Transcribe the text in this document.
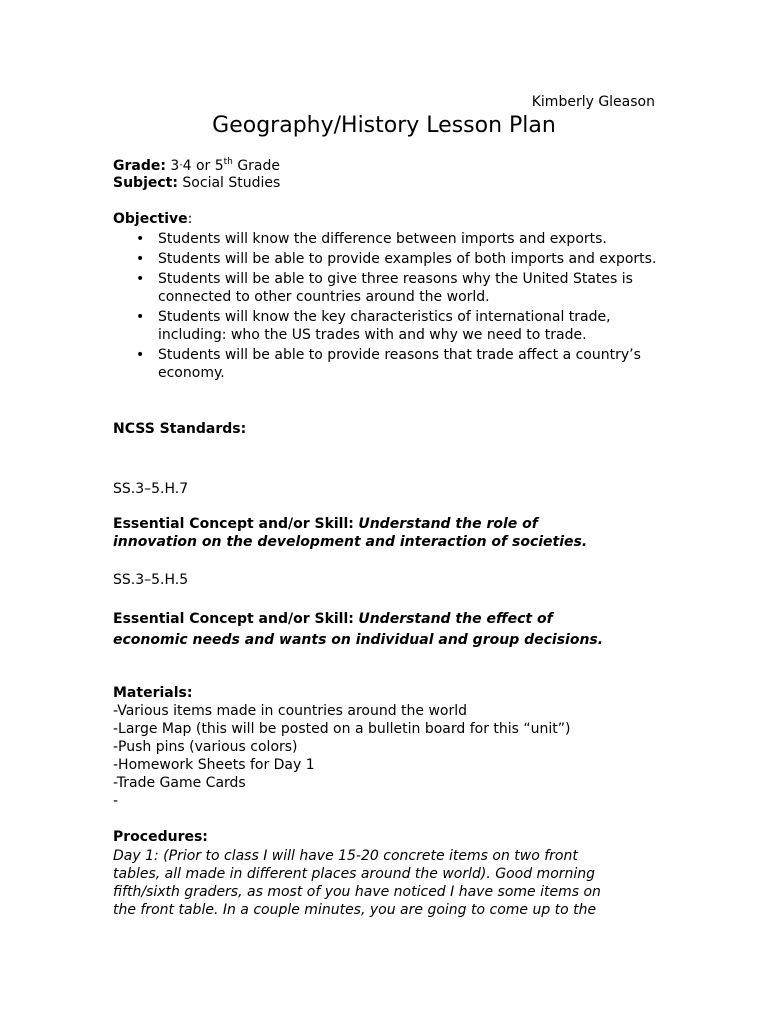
Kimberly Gleason
Geography/History Lesson Plan
Grade: 3-4 or 5th Grade
Subject: Social Studies
Objective:
• Students will know the difference between imports and exports.
• Students will be able to provide examples of both imports and exports.
• Students will be able to give three reasons why the United States is connected to other countries around the world.
• Students will know the key characteristics of international trade, including: who the US trades with and why we need to trade.
• Students will be able to provide reasons that trade affect a country’s economy.
NCSS Standards:
SS.3–5.H.7
Essential Concept and/or Skill: Understand the role of
innovation on the development and interaction of societies.
SS.3–5.H.5
Essential Concept and/or Skill: Understand the effect of
economic needs and wants on individual and group decisions.
Materials:
-Various items made in countries around the world
-Large Map (this will be posted on a bulletin board for this “unit”)
-Push pins (various colors)
-Homework Sheets for Day 1
-Trade Game Cards
-
Procedures:
Day 1: (Prior to class I will have 15-20 concrete items on two front
tables, all made in different places around the world). Good morning
fifth/sixth graders, as most of you have noticed I have some items on
the front table. In a couple minutes, you are going to come up to the
